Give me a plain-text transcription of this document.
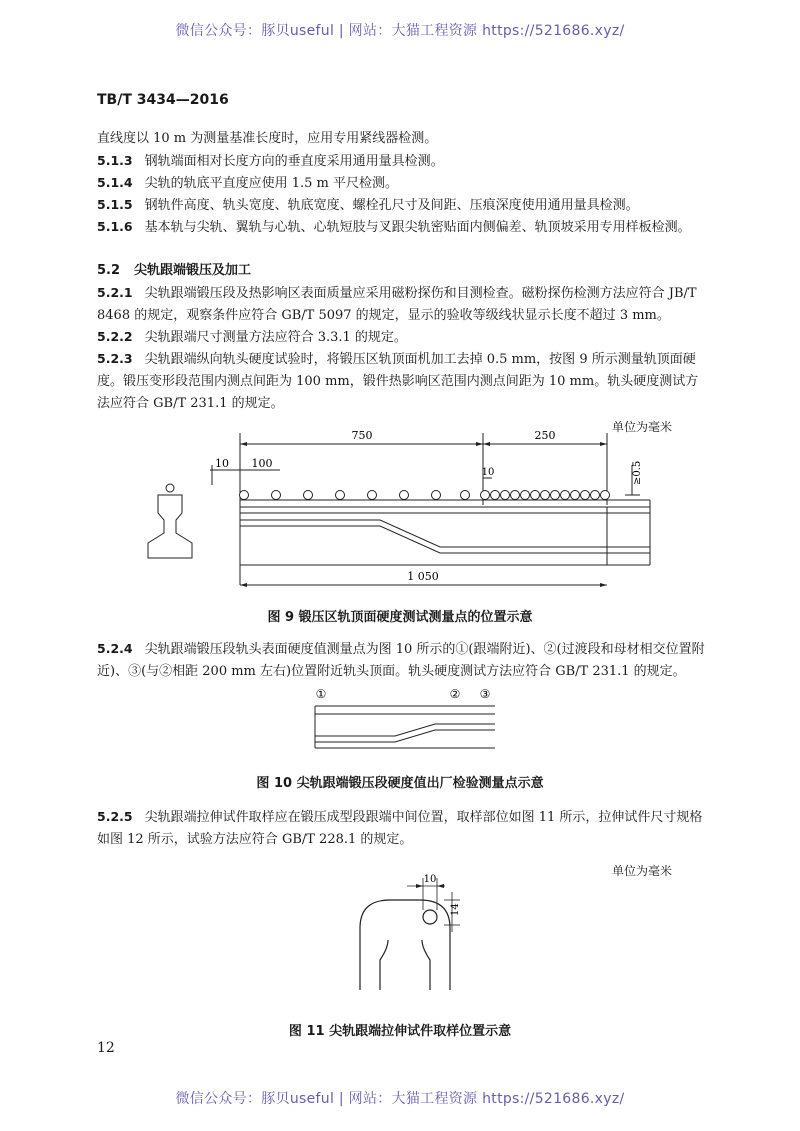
微信公众号：豚贝useful | 网站：大猫工程资源 https://521686.xyz/
TB/T 3434—2016
直线度以 10 m 为测量基准长度时，应用专用紧线器检测。
5.1.3 钢轨端面相对长度方向的垂直度采用通用量具检测。
5.1.4 尖轨的轨底平直度应使用 1.5 m 平尺检测。
5.1.5 钢轨件高度、轨头宽度、轨底宽度、螺栓孔尺寸及间距、压痕深度使用通用量具检测。
5.1.6 基本轨与尖轨、翼轨与心轨、心轨短肢与叉跟尖轨密贴面内侧偏差、轨顶坡采用专用样板检测。
5.2 尖轨跟端锻压及加工
5.2.1 尖轨跟端锻压段及热影响区表面质量应采用磁粉探伤和目测检查。磁粉探伤检测方法应符合 JB/T 8468 的规定，观察条件应符合 GB/T 5097 的规定，显示的验收等级线状显示长度不超过 3 mm。
5.2.2 尖轨跟端尺寸测量方法应符合 3.3.1 的规定。
5.2.3 尖轨跟端纵向轨头硬度试验时，将锻压区轨顶面机加工去掉 0.5 mm，按图 9 所示测量轨顶面硬度。锻压变形段范围内测点间距为 100 mm，锻件热影响区范围内测点间距为 10 mm。轨头硬度测试方法应符合 GB/T 231.1 的规定。
单位为毫米
750	250
10 100
10	≥0.5
1 050
图 9 锻压区轨顶面硬度测试测量点的位置示意
5.2.4 尖轨跟端锻压段轨头表面硬度值测量点为图 10 所示的①(跟端附近)、②(过渡段和母材相交位置附近)、③(与②相距 200 mm 左右)位置附近轨头顶面。轨头硬度测试方法应符合 GB/T 231.1 的规定。
①	② ③
图 10 尖轨跟端锻压段硬度值出厂检验测量点示意
5.2.5 尖轨跟端拉伸试件取样应在锻压成型段跟端中间位置，取样部位如图 11 所示，拉伸试件尺寸规格如图 12 所示，试验方法应符合 GB/T 228.1 的规定。
单位为毫米
10
14
图 11 尖轨跟端拉伸试件取样位置示意
12
微信公众号：豚贝useful | 网站：大猫工程资源 https://521686.xyz/
